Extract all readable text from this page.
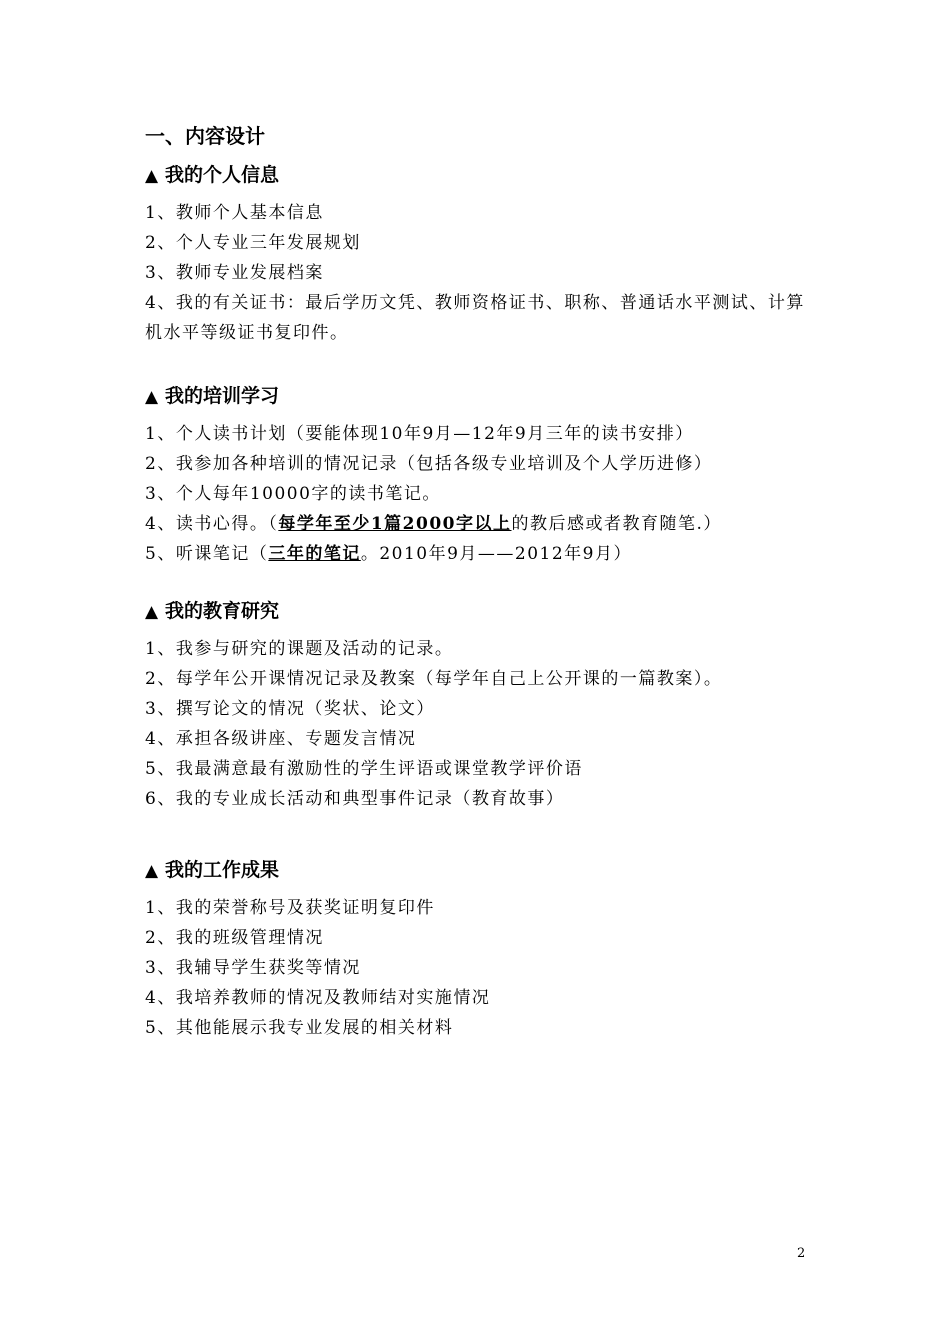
一、内容设计
▲ 我的个人信息

1、教师个人基本信息

2、个人专业三年发展规划

3、教师专业发展档案

4、我的有关证书：最后学历文凭、教师资格证书、职称、普通话水平测试、计算机水平等级证书复印件。

▲ 我的培训学习

1、个人读书计划（要能体现10年9月—12年9月三年的读书安排）

2、我参加各种培训的情况记录（包括各级专业培训及个人学历进修）

3、个人每年10000字的读书笔记。

4、读书心得。（每学年至少1篇2000字以上的教后感或者教育随笔.）

5、听课笔记（三年的笔记。2010年9月——2012年9月）

▲ 我的教育研究

1、我参与研究的课题及活动的记录。

2、每学年公开课情况记录及教案（每学年自己上公开课的一篇教案）。

3、撰写论文的情况（奖状、论文）

4、承担各级讲座、专题发言情况

5、我最满意最有激励性的学生评语或课堂教学评价语

6、我的专业成长活动和典型事件记录（教育故事）

▲ 我的工作成果

1、我的荣誉称号及获奖证明复印件

2、我的班级管理情况

3、我辅导学生获奖等情况

4、我培养教师的情况及教师结对实施情况

5、其他能展示我专业发展的相关材料

2
